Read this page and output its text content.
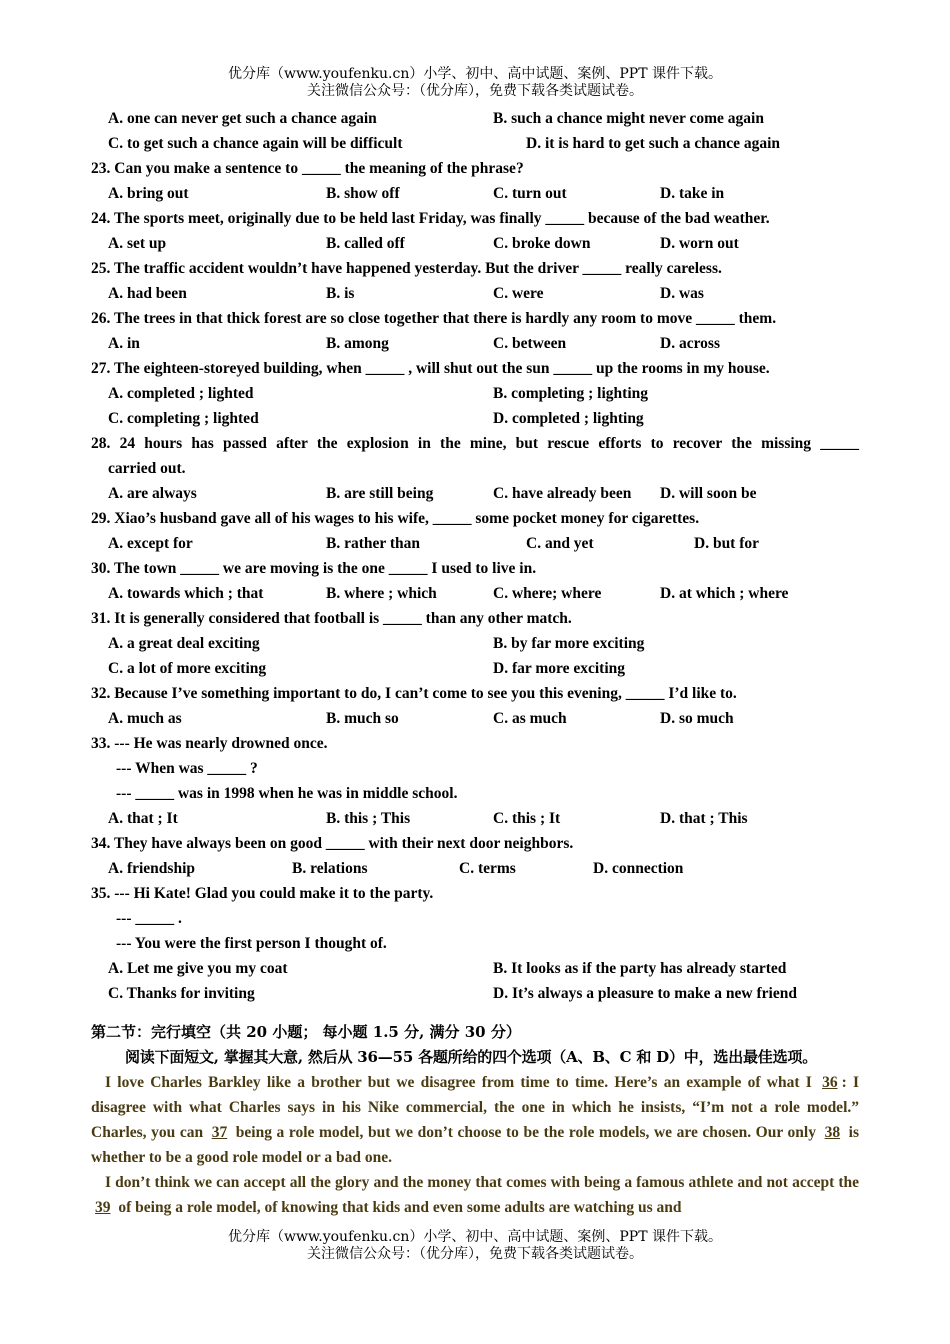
优分库（www.youfenku.cn）小学、初中、高中试题、案例、PPT 课件下载。
关注微信公众号：（优分库），免费下载各类试题试卷。
A. one can never get such a chance again	B. such a chance might never come again
C. to get such a chance again will be difficult	D. it is hard to get such a chance again
23. Can you make a sentence to _____ the meaning of the phrase?
A. bring out	B. show off	C. turn out	D. take in
24. The sports meet, originally due to be held last Friday, was finally _____ because of the bad weather.
A. set up	B. called off	C. broke down	D. worn out
25. The traffic accident wouldn’t have happened yesterday. But the driver _____ really careless.
A. had been	B. is	C. were	D. was
26. The trees in that thick forest are so close together that there is hardly any room to move _____ them.
A. in	B. among	C. between	D. across
27. The eighteen-storeyed building, when _____ , will shut out the sun _____ up the rooms in my house.
A. completed ; lighted	B. completing ; lighting
C. completing ; lighted	D. completed ; lighting
28. 24 hours has passed after the explosion in the mine, but rescue efforts to recover the missing _____
carried out.
A. are always	B. are still being	C. have already been D. will soon be
29. Xiao’s husband gave all of his wages to his wife, _____ some pocket money for cigarettes.
A. except for	B. rather than	C. and yet	D. but for
30. The town _____ we are moving is the one _____ I used to live in.
A. towards which ; that	B. where ; which	C. where; where	D. at which ; where
31. It is generally considered that football is _____ than any other match.
A. a great deal exciting	B. by far more exciting
C. a lot of more exciting	D. far more exciting
32. Because I’ve something important to do, I can’t come to see you this evening, _____ I’d like to.
A. much as	B. much so	C. as much	D. so much
33. --- He was nearly drowned once.
--- When was _____ ?
--- _____ was in 1998 when he was in middle school.
A. that ; It	B. this ; This	C. this ; It	D. that ; This
34. They have always been on good _____ with their next door neighbors.
A. friendship	B. relations	C. terms	D. connection
35. --- Hi Kate! Glad you could make it to the party.
--- _____ .
--- You were the first person I thought of.
A. Let me give you my coat	B. It looks as if the party has already started
C. Thanks for inviting	D. It’s always a pleasure to make a new friend
第二节：完行填空（共 20 小题； 每小题 1.5 分, 满分 30 分）
阅读下面短文, 掌握其大意, 然后从 36—55 各题所给的四个选项（A、B、C 和 D）中，选出最佳选项。
I love Charles Barkley like a brother but we disagree from time to time. Here’s an example of what I 36 : I disagree with what Charles says in his Nike commercial, the one in which he insists, “I’m not a role model.” Charles, you can 37 being a role model, but we don’t choose to be the role models, we are chosen. Our only 38 is whether to be a good role model or a bad one.
I don’t think we can accept all the glory and the money that comes with being a famous athlete and not accept the 39 of being a role model, of knowing that kids and even some adults are watching us and
优分库（www.youfenku.cn）小学、初中、高中试题、案例、PPT 课件下载。
关注微信公众号：（优分库），免费下载各类试题试卷。
